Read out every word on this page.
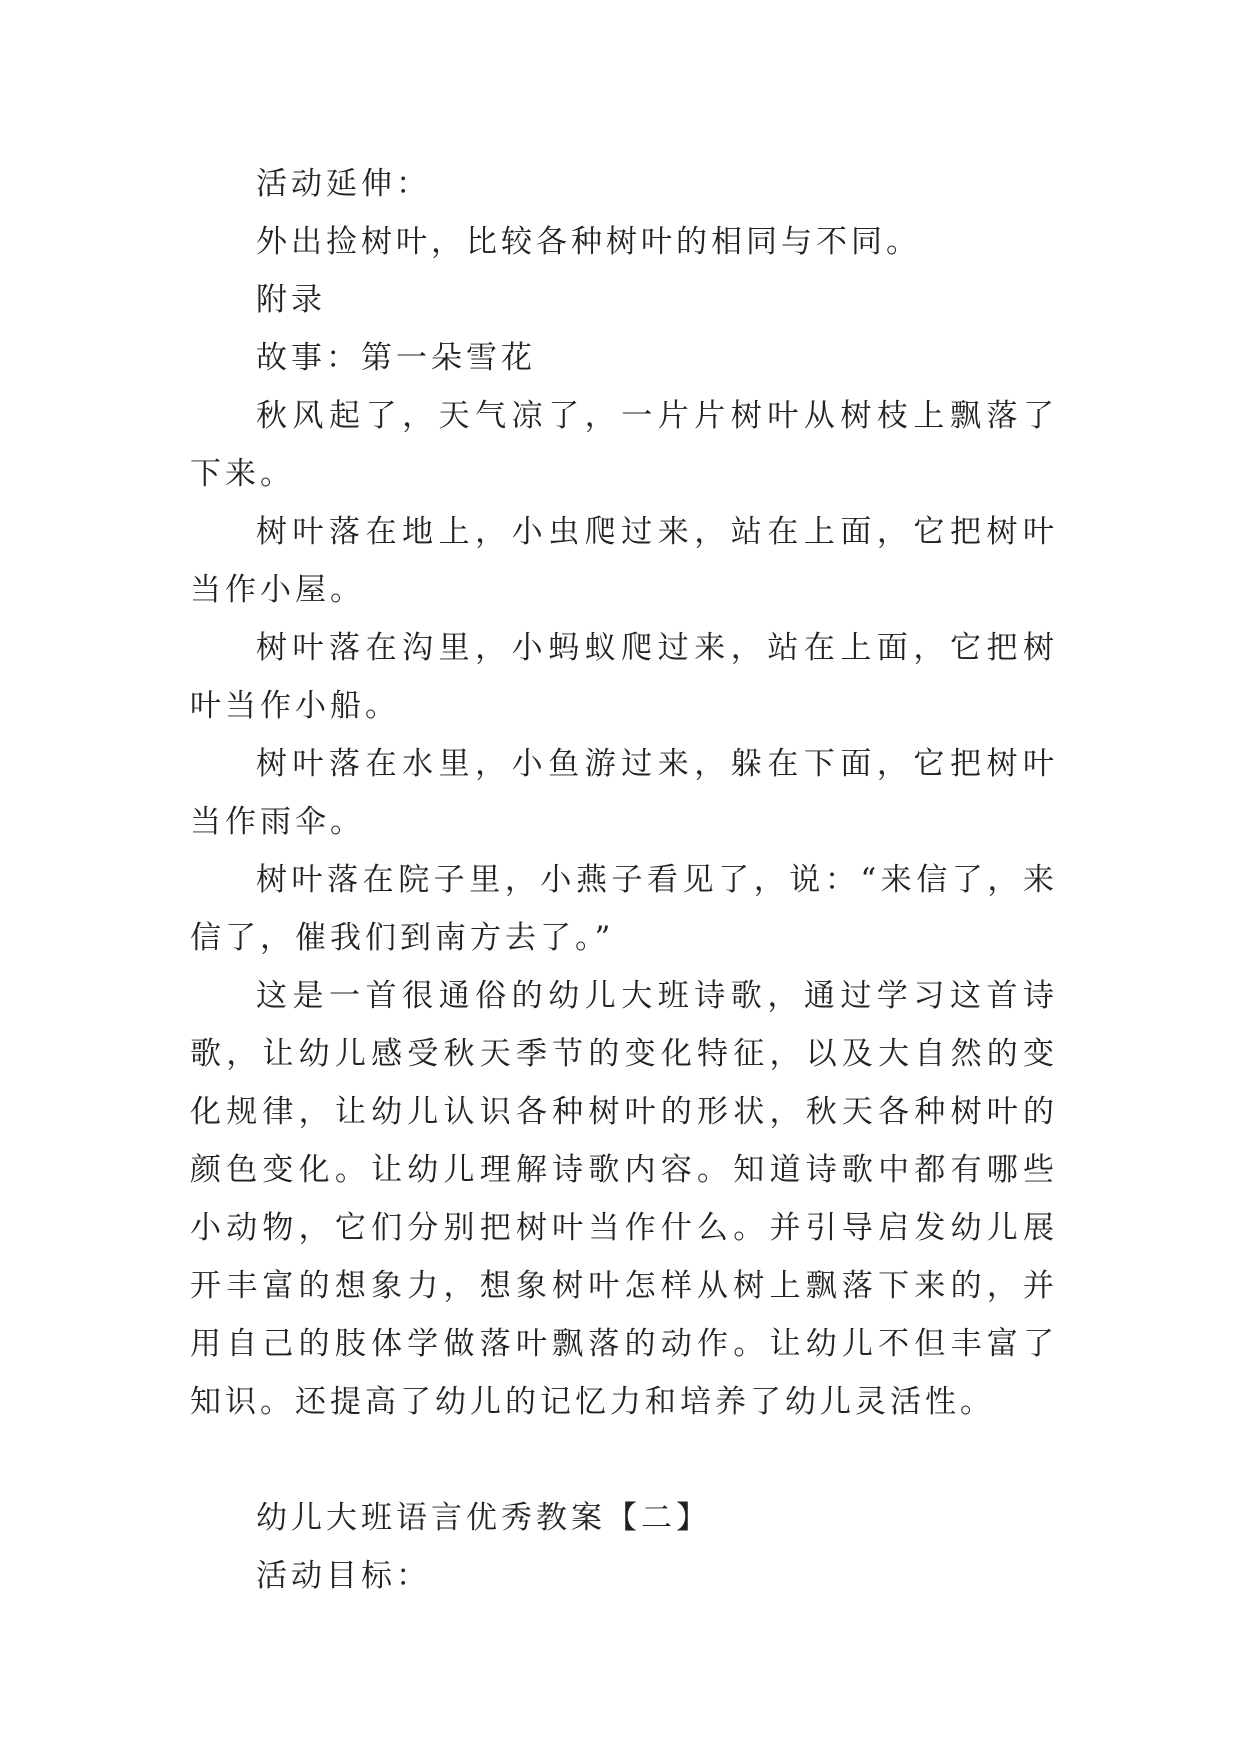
活动延伸：

外出捡树叶，比较各种树叶的相同与不同。

附录

故事：第一朵雪花

秋风起了，天气凉了，一片片树叶从树枝上飘落了下来。

树叶落在地上，小虫爬过来，站在上面，它把树叶当作小屋。

树叶落在沟里，小蚂蚁爬过来，站在上面，它把树叶当作小船。

树叶落在水里，小鱼游过来，躲在下面，它把树叶当作雨伞。

树叶落在院子里，小燕子看见了，说：“来信了，来信了，催我们到南方去了。”

这是一首很通俗的幼儿大班诗歌，通过学习这首诗歌，让幼儿感受秋天季节的变化特征，以及大自然的变化规律，让幼儿认识各种树叶的形状，秋天各种树叶的颜色变化。让幼儿理解诗歌内容。知道诗歌中都有哪些小动物，它们分别把树叶当作什么。并引导启发幼儿展开丰富的想象力，想象树叶怎样从树上飘落下来的，并用自己的肢体学做落叶飘落的动作。让幼儿不但丰富了知识。还提高了幼儿的记忆力和培养了幼儿灵活性。

幼儿大班语言优秀教案【二】

活动目标：
